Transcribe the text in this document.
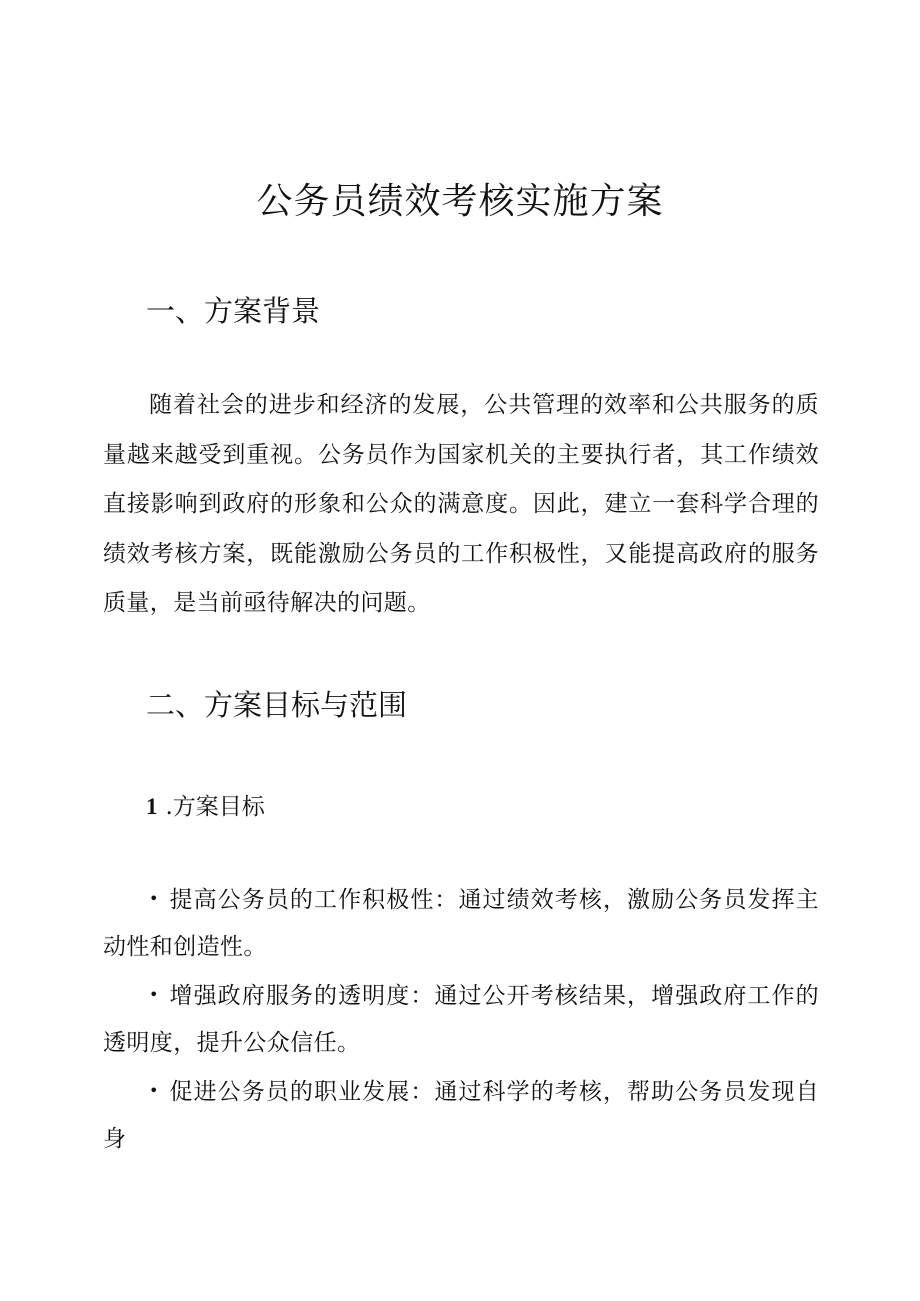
公务员绩效考核实施方案
一、方案背景

随着社会的进步和经济的发展，公共管理的效率和公共服务的质量越来越受到重视。公务员作为国家机关的主要执行者，其工作绩效直接影响到政府的形象和公众的满意度。因此，建立一套科学合理的绩效考核方案，既能激励公务员的工作积极性，又能提高政府的服务质量，是当前亟待解决的问题。

二、方案目标与范围

1 .方案目标

• 提高公务员的工作积极性：通过绩效考核，激励公务员发挥主动性和创造性。
• 增强政府服务的透明度：通过公开考核结果，增强政府工作的透明度，提升公众信任。
• 促进公务员的职业发展：通过科学的考核，帮助公务员发现自身
